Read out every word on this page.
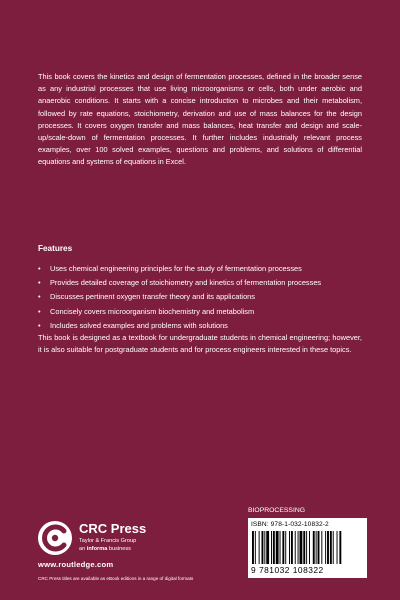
This book covers the kinetics and design of fermentation processes, defined in the broader sense as any industrial processes that use living microorganisms or cells, both under aerobic and anaerobic conditions. It starts with a concise introduction to microbes and their metabolism, followed by rate equations, stoichiometry, derivation and use of mass balances for the design processes. It covers oxygen transfer and mass balances, heat transfer and design and scale-up/scale-down of fermentation processes. It further includes industrially relevant process examples, over 100 solved examples, questions and problems, and solutions of differential equations and systems of equations in Excel.

Features
• Uses chemical engineering principles for the study of fermentation processes
• Provides detailed coverage of stoichiometry and kinetics of fermentation processes
• Discusses pertinent oxygen transfer theory and its applications
• Concisely covers microorganism biochemistry and metabolism
• Includes solved examples and problems with solutions

This book is designed as a textbook for undergraduate students in chemical engineering; however, it is also suitable for postgraduate students and for process engineers interested in these topics.

CRC Press
Taylor & Francis Group
an informa business
www.routledge.com
CRC Press titles are available as eBook editions in a range of digital formats
BIOPROCESSING
ISBN: 978-1-032-10832-2
9 781032 108322
